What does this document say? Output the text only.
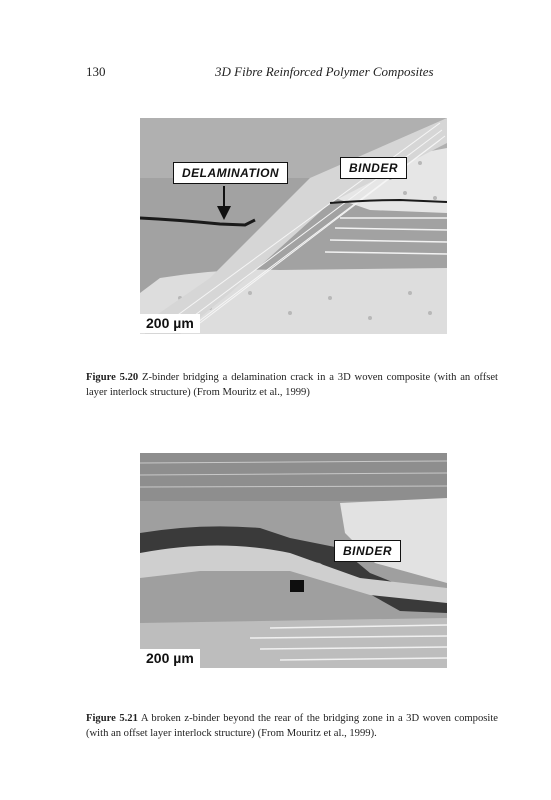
130	3D Fibre Reinforced Polymer Composites
DELAMINATION	BINDER
200 µm
Figure 5.20 Z-binder bridging a delamination crack in a 3D woven composite (with an offset layer interlock structure) (From Mouritz et al., 1999)
BINDER
200 µm
Figure 5.21 A broken z-binder beyond the rear of the bridging zone in a 3D woven composite (with an offset layer interlock structure) (From Mouritz et al., 1999).
